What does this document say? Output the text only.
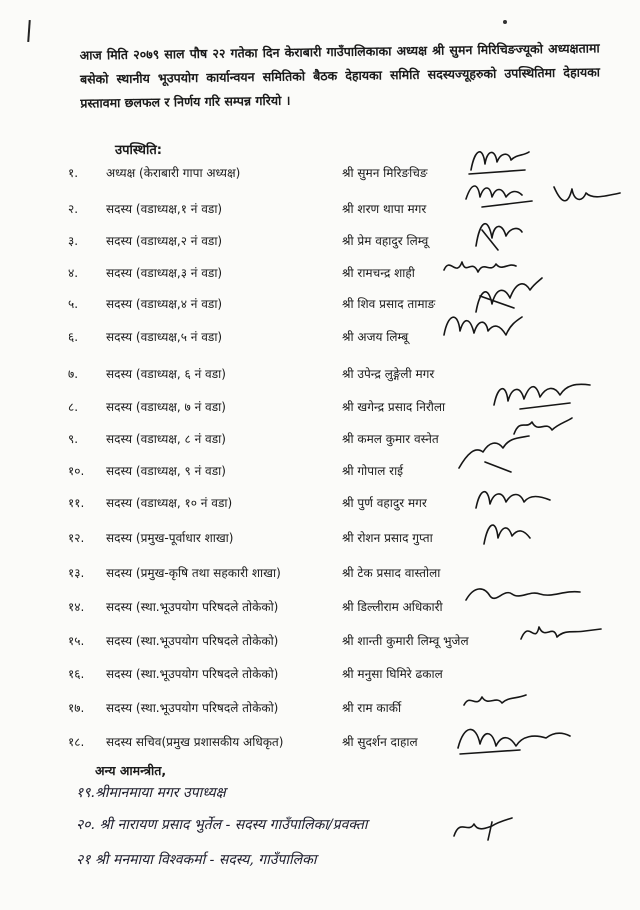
आज मिति २०७९ साल पौष २२ गतेका दिन केराबारी गाउँपालिकाका अध्यक्ष श्री सुमन मिरिचिङज्यूको अध्यक्षतामा बसेको स्थानीय भूउपयोग कार्यान्वयन समितिको बैठक देहायका समिति सदस्यज्यूहरुको उपस्थितिमा देहायका प्रस्तावमा छलफल र निर्णय गरि सम्पन्न गरियो ।
उपस्थिति:
१.	अध्यक्ष (केराबारी गापा अध्यक्ष)	श्री सुमन मिरिङचिङ
२.	सदस्य (वडाध्यक्ष,१ नं वडा)	श्री शरण थापा मगर
३.	सदस्य (वडाध्यक्ष,२ नं वडा)	श्री प्रेम वहादुर लिम्वू
४.	सदस्य (वडाध्यक्ष,३ नं वडा)	श्री रामचन्द्र शाही
५.	सदस्य (वडाध्यक्ष,४ नं वडा)	श्री शिव प्रसाद तामाङ
६.	सदस्य (वडाध्यक्ष,५ नं वडा)	श्री अजय लिम्बू
७.	सदस्य (वडाध्यक्ष, ६ नं वडा)	श्री उपेन्द्र लुङ्गेली मगर
८.	सदस्य (वडाध्यक्ष, ७ नं वडा)	श्री खगेन्द्र प्रसाद निरौला
९.	सदस्य (वडाध्यक्ष, ८ नं वडा)	श्री कमल कुमार वस्नेत
१०.	सदस्य (वडाध्यक्ष, ९ नं वडा)	श्री गोपाल राई
११.	सदस्य (वडाध्यक्ष, १० नं वडा)	श्री पुर्ण वहादुर मगर
१२.	सदस्य (प्रमुख-पूर्वाधार शाखा)	श्री रोशन प्रसाद गुप्ता
१३.	सदस्य (प्रमुख-कृषि तथा सहकारी शाखा)	श्री टेक प्रसाद वास्तोला
१४.	सदस्य (स्था.भूउपयोग परिषदले तोकेको)	श्री डिल्लीराम अधिकारी
१५.	सदस्य (स्था.भूउपयोग परिषदले तोकेको)	श्री शान्ती कुमारी लिम्वू भुजेल
१६.	सदस्य (स्था.भूउपयोग परिषदले तोकेको)	श्री मनुसा घिमिरे ढकाल
१७.	सदस्य (स्था.भूउपयोग परिषदले तोकेको)	श्री राम कार्की
१८.	सदस्य सचिव(प्रमुख प्रशासकीय अधिकृत)	श्री सुदर्शन दाहाल
अन्य आमन्त्रीत,
१९.श्रीमानमाया मगर उपाध्यक्ष
२०. श्री नारायण प्रसाद भुर्तेल - सदस्य गाउँपालिका/प्रवक्ता
२१ श्री मनमाया विश्वकर्मा - सदस्य, गाउँपालिका
